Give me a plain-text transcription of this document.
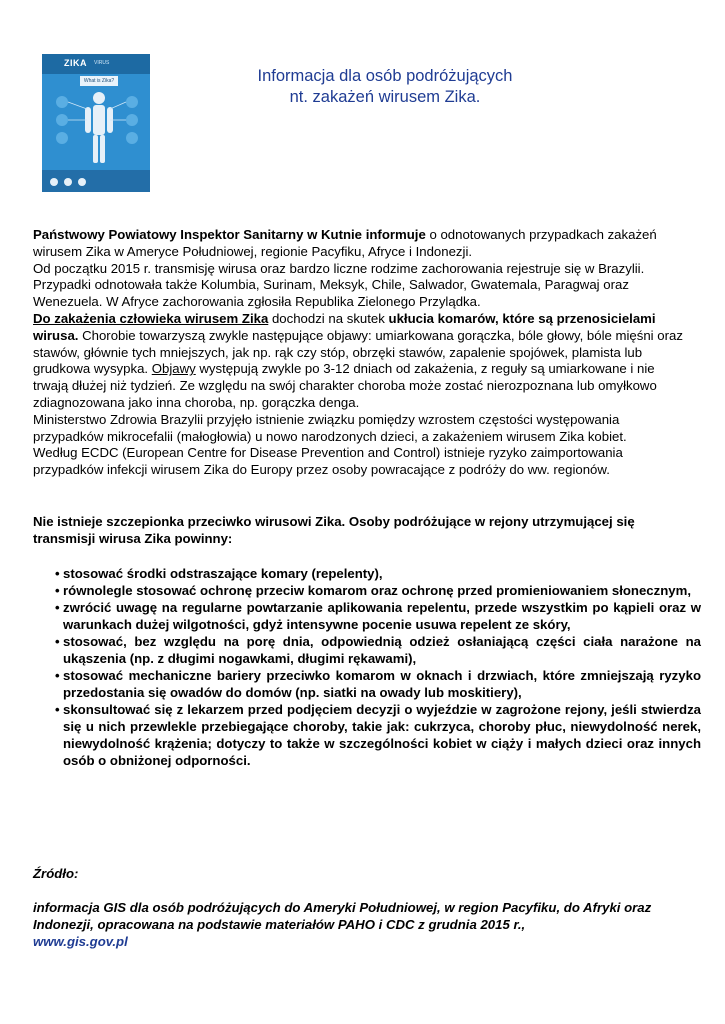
ZIKA VIRUS
What is Zika?	Informacja dla osób podróżujących
nt. zakażeń wirusem Zika.

Państwowy Powiatowy Inspektor Sanitarny w Kutnie informuje o odnotowanych przypadkach zakażeń wirusem Zika w Ameryce Południowej, regionie Pacyfiku, Afryce i Indonezji.

Od początku 2015 r. transmisję wirusa oraz bardzo liczne rodzime zachorowania rejestruje się w Brazylii. Przypadki odnotowała także Kolumbia, Surinam, Meksyk, Chile, Salwador, Gwatemala, Paragwaj oraz Wenezuela. W Afryce zachorowania zgłosiła Republika Zielonego Przylądka.

Do zakażenia człowieka wirusem Zika dochodzi na skutek ukłucia komarów, które są przenosicielami wirusa. Chorobie towarzyszą zwykle następujące objawy: umiarkowana gorączka, bóle głowy, bóle mięśni oraz stawów, głównie tych mniejszych, jak np. rąk czy stóp, obrzęki stawów, zapalenie spojówek, plamista lub grudkowa wysypka. Objawy występują zwykle po 3-12 dniach od zakażenia, z reguły są umiarkowane i nie trwają dłużej niż tydzień. Ze względu na swój charakter choroba może zostać nierozpoznana lub omyłkowo zdiagnozowana jako inna choroba, np. gorączka denga.

Ministerstwo Zdrowia Brazylii przyjęło istnienie związku pomiędzy wzrostem częstości występowania przypadków mikrocefalii (małogłowia) u nowo narodzonych dzieci, a zakażeniem wirusem Zika kobiet.

Według ECDC (European Centre for Disease Prevention and Control) istnieje ryzyko zaimportowania przypadków infekcji wirusem Zika do Europy przez osoby powracające z podróży do ww. regionów.

Nie istnieje szczepionka przeciwko wirusowi Zika. Osoby podróżujące w rejony utrzymującej się transmisji wirusa Zika powinny:
• stosować środki odstraszające komary (repelenty),
• równolegle stosować ochronę przeciw komarom oraz ochronę przed promieniowaniem słonecznym,
• zwrócić uwagę na regularne powtarzanie aplikowania repelentu, przede wszystkim po kąpieli oraz w warunkach dużej wilgotności, gdyż intensywne pocenie usuwa repelent ze skóry,
• stosować, bez względu na porę dnia, odpowiednią odzież osłaniającą części ciała narażone na ukąszenia (np. z długimi nogawkami, długimi rękawami),
• stosować mechaniczne bariery przeciwko komarom w oknach i drzwiach, które zmniejszają ryzyko przedostania się owadów do domów (np. siatki na owady lub moskitiery),
• skonsultować się z lekarzem przed podjęciem decyzji o wyjeździe w zagrożone rejony, jeśli stwierdza się u nich przewlekle przebiegające choroby, takie jak: cukrzyca, choroby płuc, niewydolność nerek, niewydolność krążenia; dotyczy to także w szczególności kobiet w ciąży i małych dzieci oraz innych osób o obniżonej odporności.
Źródło:
informacja GIS dla osób podróżujących do Ameryki Południowej, w region Pacyfiku, do Afryki oraz Indonezji, opracowana na podstawie materiałów PAHO i CDC z grudnia 2015 r.,
www.gis.gov.pl
